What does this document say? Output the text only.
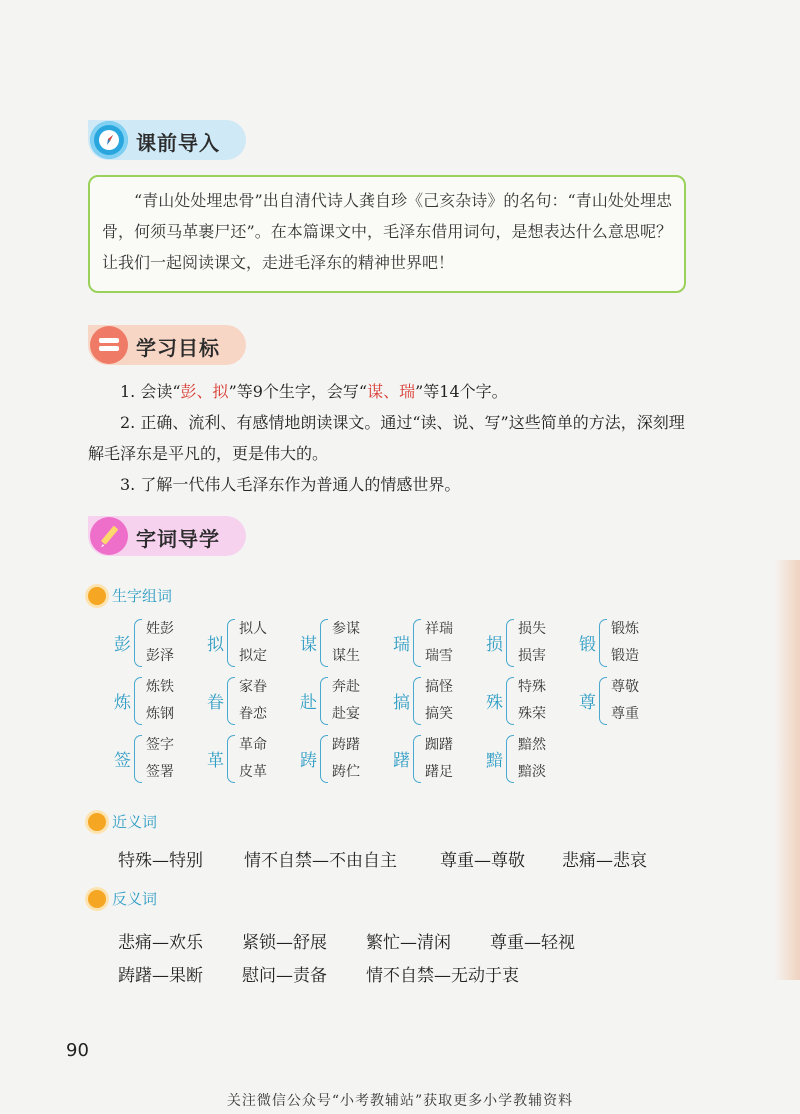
课前导入

“青山处处埋忠骨”出自清代诗人龚自珍《己亥杂诗》的名句：“青山处处埋忠骨，何须马革裹尸还”。在本篇课文中，毛泽东借用词句，是想表达什么意思呢？让我们一起阅读课文，走进毛泽东的精神世界吧！

学习目标

1. 会读“彭、拟”等9个生字，会写“谋、瑞”等14个字。

2. 正确、流利、有感情地朗读课文。通过“读、说、写”这些简单的方法，深刻理解毛泽东是平凡的，更是伟大的。

3. 了解一代伟人毛泽东作为普通人的情感世界。

字词导学
生字组词
彭
姓彭
彭泽
拟
拟人
拟定
谋
参谋
谋生
瑞
祥瑞
瑞雪
损
损失
损害
锻
锻炼
锻造
炼
炼铁
炼钢
眷
家眷
眷恋
赴
奔赴
赴宴
搞
搞怪
搞笑
殊
特殊
殊荣
尊
尊敬
尊重
签
签字
签署
革
革命
皮革
踌
踌躇
踌伫
躇
踟躇
躇足
黯
黯然
黯淡
近义词
特殊—特别 情不自禁—不由自主	尊重—尊敬 悲痛—悲哀
反义词
悲痛—欢乐 紧锁—舒展 繁忙—清闲 尊重—轻视
踌躇—果断 慰问—责备 情不自禁—无动于衷
90
关注微信公众号“小考教辅站”获取更多小学教辅资料
